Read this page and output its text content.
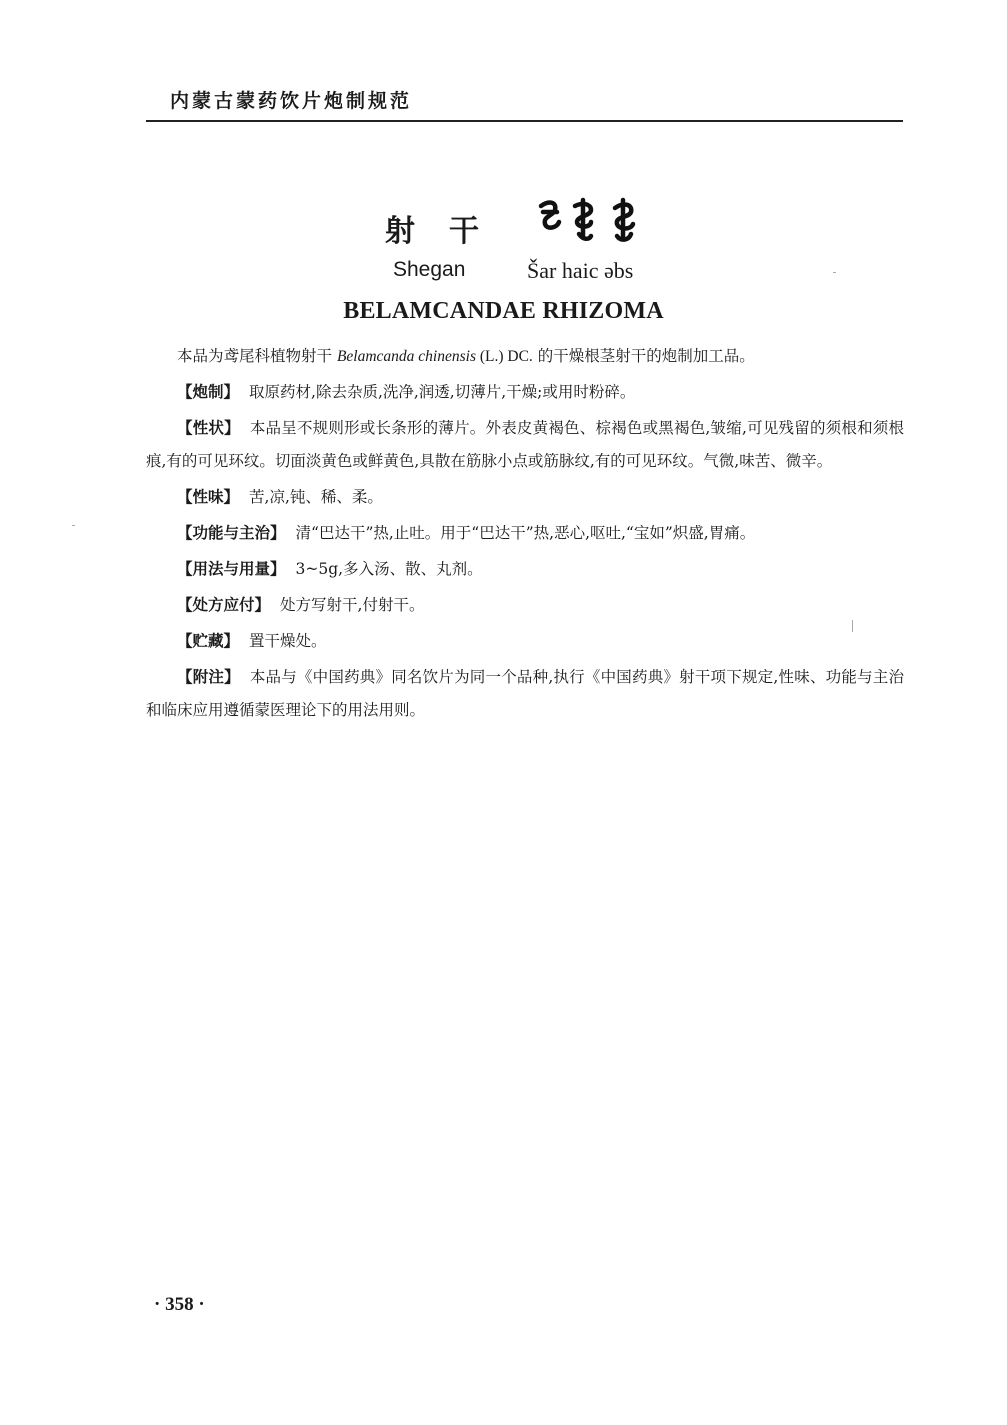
内蒙古蒙药饮片炮制规范
射干
Shegan	Šar haic əbs
BELAMCANDAE RHIZOMA

本品为鸢尾科植物射干 Belamcanda chinensis (L.) DC. 的干燥根茎射干的炮制加工品。

【炮制】 取原药材,除去杂质,洗净,润透,切薄片,干燥;或用时粉碎。

【性状】 本品呈不规则形或长条形的薄片。外表皮黄褐色、棕褐色或黑褐色,皱缩,可见残留的须根和须根痕,有的可见环纹。切面淡黄色或鲜黄色,具散在筋脉小点或筋脉纹,有的可见环纹。气微,味苦、微辛。

【性味】 苦,凉,钝、稀、柔。

【功能与主治】 清“巴达干”热,止吐。用于“巴达干”热,恶心,呕吐,“宝如”炽盛,胃痛。

【用法与用量】 3~5g,多入汤、散、丸剂。

【处方应付】 处方写射干,付射干。

【贮藏】 置干燥处。

【附注】 本品与《中国药典》同名饮片为同一个品种,执行《中国药典》射干项下规定,性味、功能与主治和临床应用遵循蒙医理论下的用法用则。

· 358 ·
